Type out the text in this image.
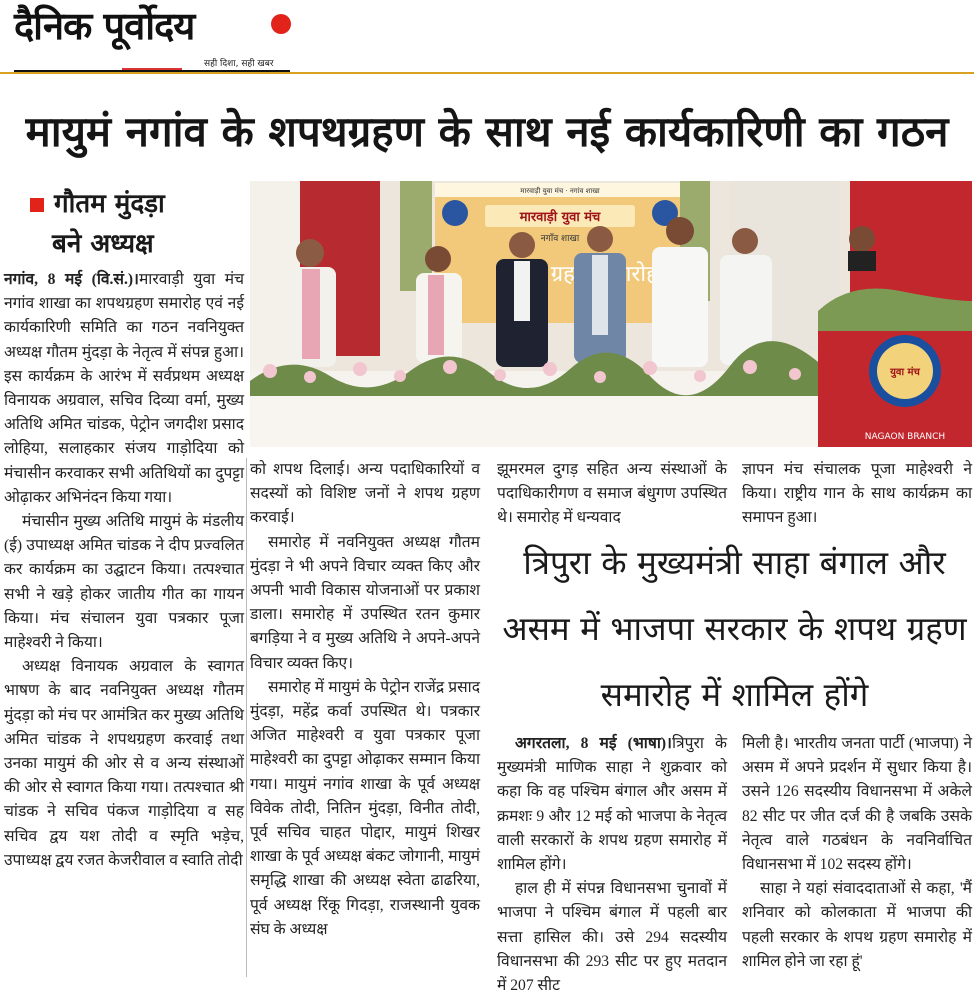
दैनिक पूर्वोदय
सही दिशा, सही खबर
मायुमं नगांव के शपथग्रहण के साथ नई कार्यकारिणी का गठन
गौतम मुंदड़ा
बने अध्यक्ष
मारवाड़ी युवा मंच · नगांव शाखा
मारवाड़ी युवा मंच
नगाँव शाखा
ग्रहण समारोह
युवा मंच
NAGAON BRANCH

नगांव, 8 मई (वि.सं.)।मारवाड़ी युवा मंच नगांव शाखा का शपथग्रहण समारोह एवं नई कार्यकारिणी समिति का गठन नवनियुक्त अध्यक्ष गौतम मुंदड़ा के नेतृत्व में संपन्न हुआ। इस कार्यक्रम के आरंभ में सर्वप्रथम अध्यक्ष विनायक अग्रवाल, सचिव दिव्या वर्मा, मुख्य अतिथि अमित चांडक, पेट्रोन जगदीश प्रसाद लोहिया, सलाहकार संजय गाड़ोदिया को मंचासीन करवाकर सभी अतिथियों का दुपट्टा ओढ़ाकर अभिनंदन किया गया।

मंचासीन मुख्य अतिथि मायुमं के मंडलीय (ई) उपाध्यक्ष अमित चांडक ने दीप प्रज्वलित कर कार्यक्रम का उद्घाटन किया। तत्पश्चात सभी ने खड़े होकर जातीय गीत का गायन किया। मंच संचालन युवा पत्रकार पूजा माहेश्वरी ने किया।

अध्यक्ष विनायक अग्रवाल के स्वागत भाषण के बाद नवनियुक्त अध्यक्ष गौतम मुंदड़ा को मंच पर आमंत्रित कर मुख्य अतिथि अमित चांडक ने शपथग्रहण करवाई तथा उनका मायुमं की ओर से व अन्य संस्थाओं की ओर से स्वागत किया गया। तत्पश्चात श्री चांडक ने सचिव पंकज गाड़ोदिया व सह सचिव द्वय यश तोदी व स्मृति भड़ेच, उपाध्यक्ष द्वय रजत केजरीवाल व स्वाति तोदी

को शपथ दिलाई। अन्य पदाधिकारियों व सदस्यों को विशिष्ट जनों ने शपथ ग्रहण करवाई।

समारोह में नवनियुक्त अध्यक्ष गौतम मुंदड़ा ने भी अपने विचार व्यक्त किए और अपनी भावी विकास योजनाओं पर प्रकाश डाला। समारोह में उपस्थित रतन कुमार बगड़िया ने व मुख्य अतिथि ने अपने-अपने विचार व्यक्त किए।

समारोह में मायुमं के पेट्रोन राजेंद्र प्रसाद मुंदड़ा, महेंद्र कर्वा उपस्थित थे। पत्रकार अजित माहेश्वरी व युवा पत्रकार पूजा माहेश्वरी का दुपट्टा ओढ़ाकर सम्मान किया गया। मायुमं नगांव शाखा के पूर्व अध्यक्ष विवेक तोदी, नितिन मुंदड़ा, विनीत तोदी, पूर्व सचिव चाहत पोद्दार, मायुमं शिखर शाखा के पूर्व अध्यक्ष बंकट जोगानी, मायुमं समृद्धि शाखा की अध्यक्ष स्वेता ढाढरिया, पूर्व अध्यक्ष रिंकू गिदड़ा, राजस्थानी युवक संघ के अध्यक्ष

झूमरमल दुगड़ सहित अन्य संस्थाओं के पदाधिकारीगण व समाज बंधुगण उपस्थित थे। समारोह में धन्यवाद

ज्ञापन मंच संचालक पूजा माहेश्वरी ने किया। राष्ट्रीय गान के साथ कार्यक्रम का समापन हुआ।

त्रिपुरा के मुख्यमंत्री साहा बंगाल और असम में भाजपा सरकार के शपथ ग्रहण समारोह में शामिल होंगे

अगरतला, 8 मई (भाषा)।त्रिपुरा के मुख्यमंत्री माणिक साहा ने शुक्रवार को कहा कि वह पश्चिम बंगाल और असम में क्रमशः 9 और 12 मई को भाजपा के नेतृत्व वाली सरकारों के शपथ ग्रहण समारोह में शामिल होंगे।

हाल ही में संपन्न विधानसभा चुनावों में भाजपा ने पश्चिम बंगाल में पहली बार सत्ता हासिल की। उसे 294 सदस्यीय विधानसभा की 293 सीट पर हुए मतदान में 207 सीट

मिली है। भारतीय जनता पार्टी (भाजपा) ने असम में अपने प्रदर्शन में सुधार किया है। उसने 126 सदस्यीय विधानसभा में अकेले 82 सीट पर जीत दर्ज की है जबकि उसके नेतृत्व वाले गठबंधन के नवनिर्वाचित विधानसभा में 102 सदस्य होंगे।

साहा ने यहां संवाददाताओं से कहा, 'मैं शनिवार को कोलकाता में भाजपा की पहली सरकार के शपथ ग्रहण समारोह में शामिल होने जा रहा हूं'
